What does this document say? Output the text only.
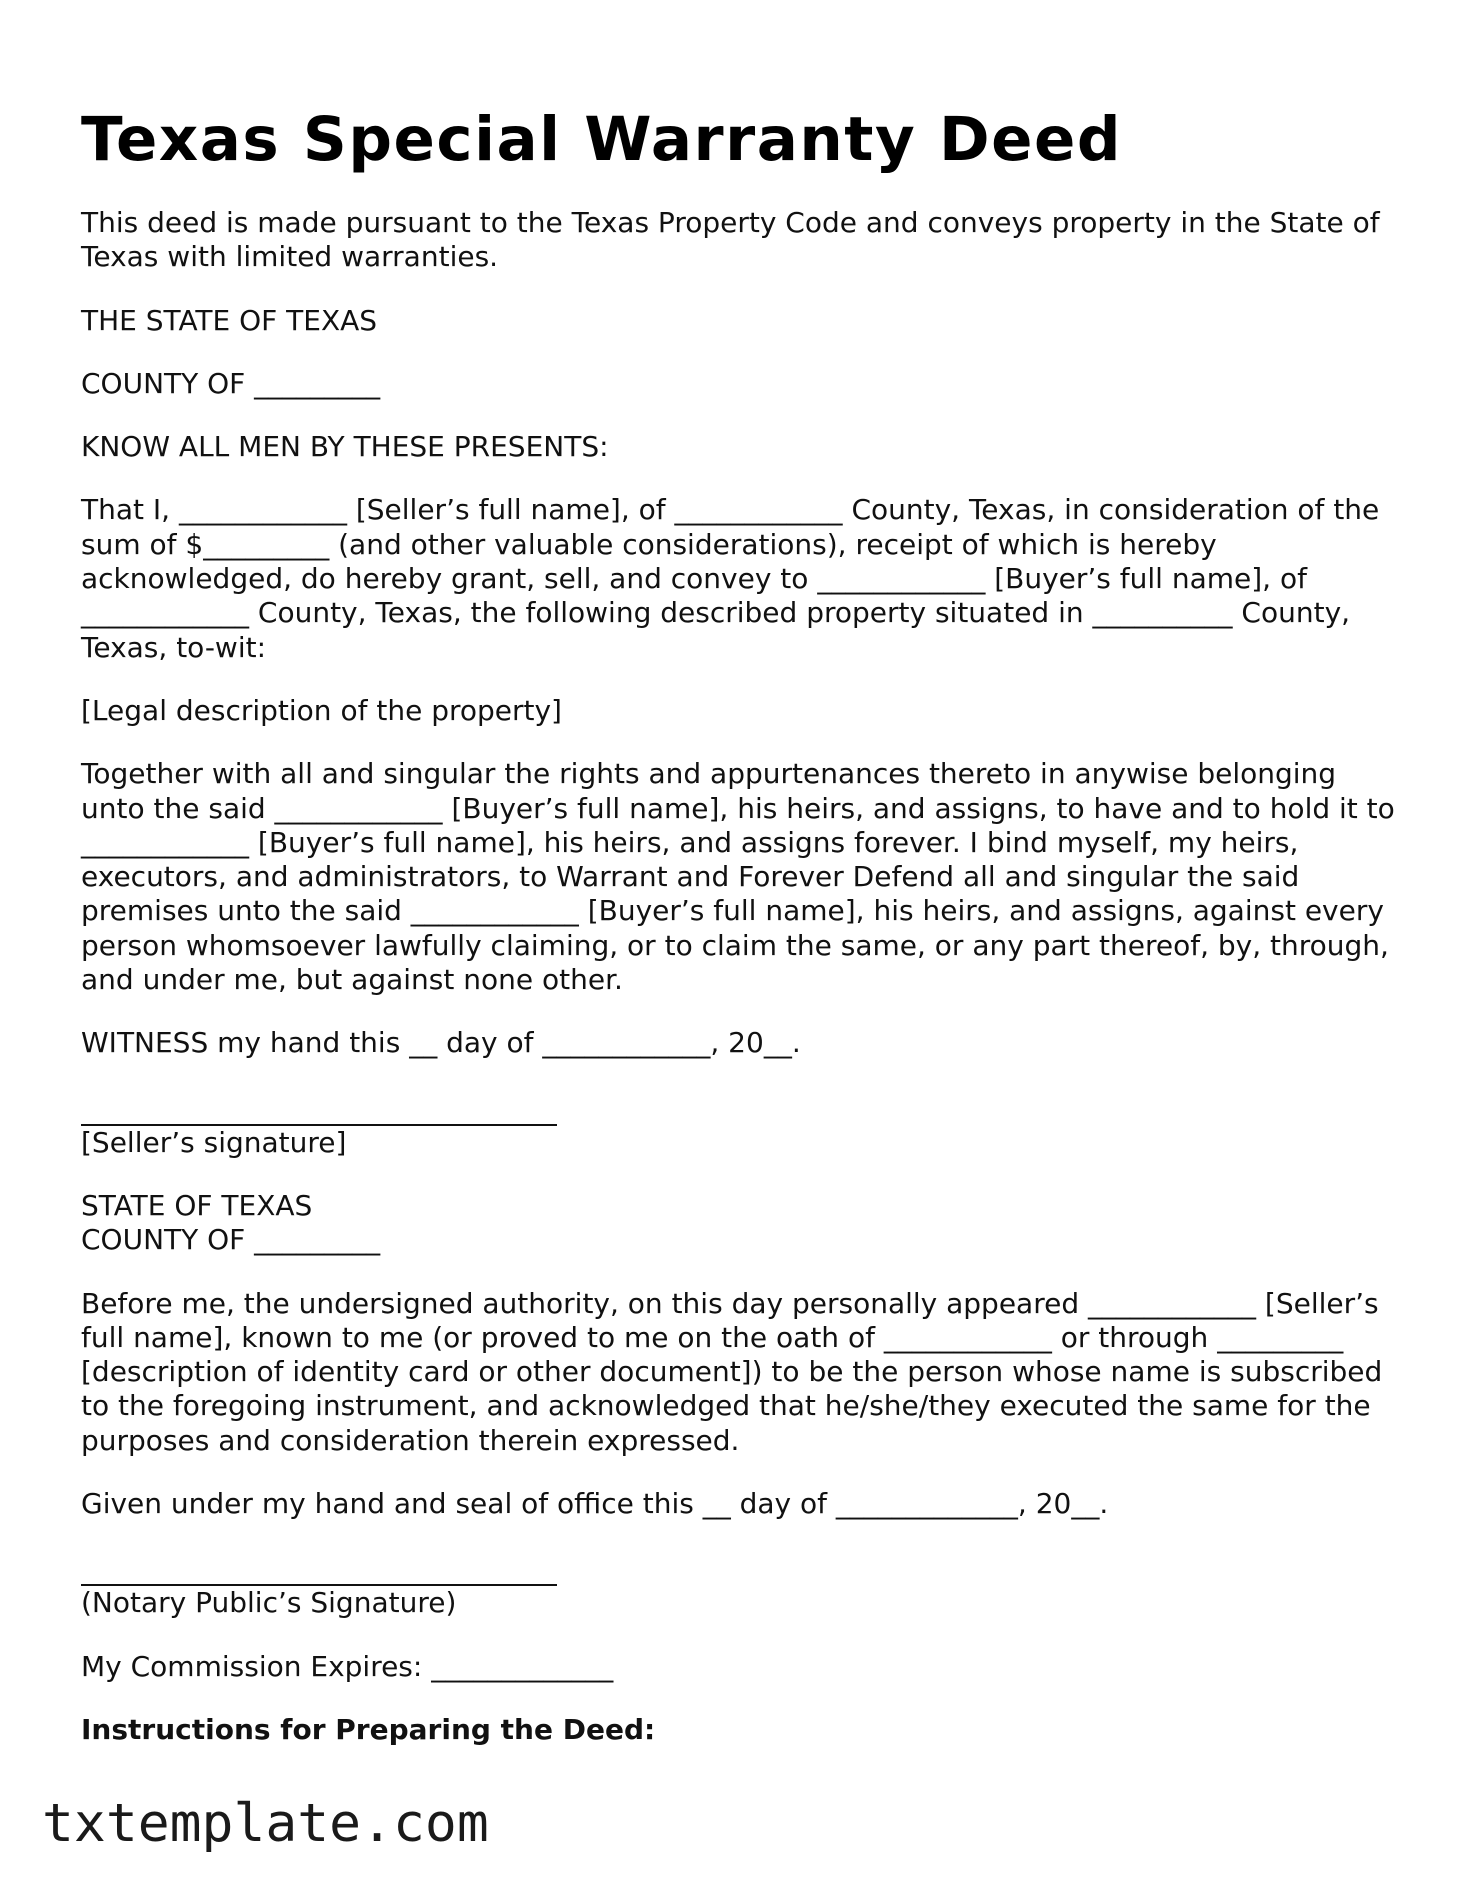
Texas Special Warranty Deed

This deed is made pursuant to the Texas Property Code and conveys property in the State of Texas with limited warranties.

THE STATE OF TEXAS

COUNTY OF _________

KNOW ALL MEN BY THESE PRESENTS:

That I, ____________ [Seller’s full name], of ____________ County, Texas, in consideration of the sum of $_________ (and other valuable considerations), receipt of which is hereby acknowledged, do hereby grant, sell, and convey to ____________ [Buyer’s full name], of ____________ County, Texas, the following described property situated in __________ County, Texas, to-wit:

[Legal description of the property]

Together with all and singular the rights and appurtenances thereto in anywise belonging unto the said ____________ [Buyer’s full name], his heirs, and assigns, to have and to hold it to ____________ [Buyer’s full name], his heirs, and assigns forever. I bind myself, my heirs, executors, and administrators, to Warrant and Forever Defend all and singular the said premises unto the said ____________ [Buyer’s full name], his heirs, and assigns, against every person whomsoever lawfully claiming, or to claim the same, or any part thereof, by, through, and under me, but against none other.

WITNESS my hand this __ day of ____________, 20__.

[Seller’s signature]

STATE OF TEXAS

COUNTY OF _________

Before me, the undersigned authority, on this day personally appeared ____________ [Seller’s full name], known to me (or proved to me on the oath of ____________ or through _________ [description of identity card or other document]) to be the person whose name is subscribed to the foregoing instrument, and acknowledged that he/she/they executed the same for the purposes and consideration therein expressed.

Given under my hand and seal of office this __ day of _____________, 20__.

(Notary Public’s Signature)

My Commission Expires: _____________

Instructions for Preparing the Deed:

txtemplate.com
